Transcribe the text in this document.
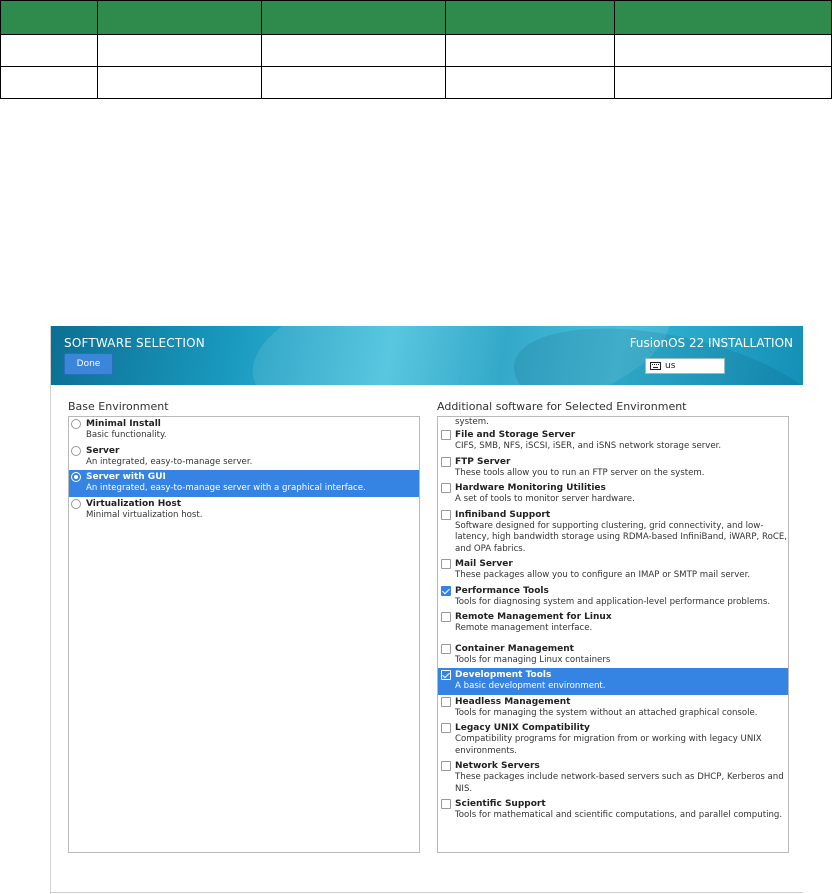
SOFTWARE SELECTION
Done
FusionOS 22 INSTALLATION
us
Base Environment
Minimal Install
Basic functionality.
Server
An integrated, easy-to-manage server.
Server with GUI
An integrated, easy-to-manage server with a graphical interface.
Virtualization Host
Minimal virtualization host.
Additional software for Selected Environment
system.
File and Storage Server
CIFS, SMB, NFS, iSCSI, iSER, and iSNS network storage server.
FTP Server
These tools allow you to run an FTP server on the system.
Hardware Monitoring Utilities
A set of tools to monitor server hardware.
Infiniband Support
Software designed for supporting clustering, grid connectivity, and low-latency, high bandwidth storage using RDMA-based InfiniBand, iWARP, RoCE, and OPA fabrics.
Mail Server
These packages allow you to configure an IMAP or SMTP mail server.
Performance Tools
Tools for diagnosing system and application-level performance problems.
Remote Management for Linux
Remote management interface.
Container Management
Tools for managing Linux containers
Development Tools
A basic development environment.
Headless Management
Tools for managing the system without an attached graphical console.
Legacy UNIX Compatibility
Compatibility programs for migration from or working with legacy UNIX environments.
Network Servers
These packages include network-based servers such as DHCP, Kerberos and NIS.
Scientific Support
Tools for mathematical and scientific computations, and parallel computing.
